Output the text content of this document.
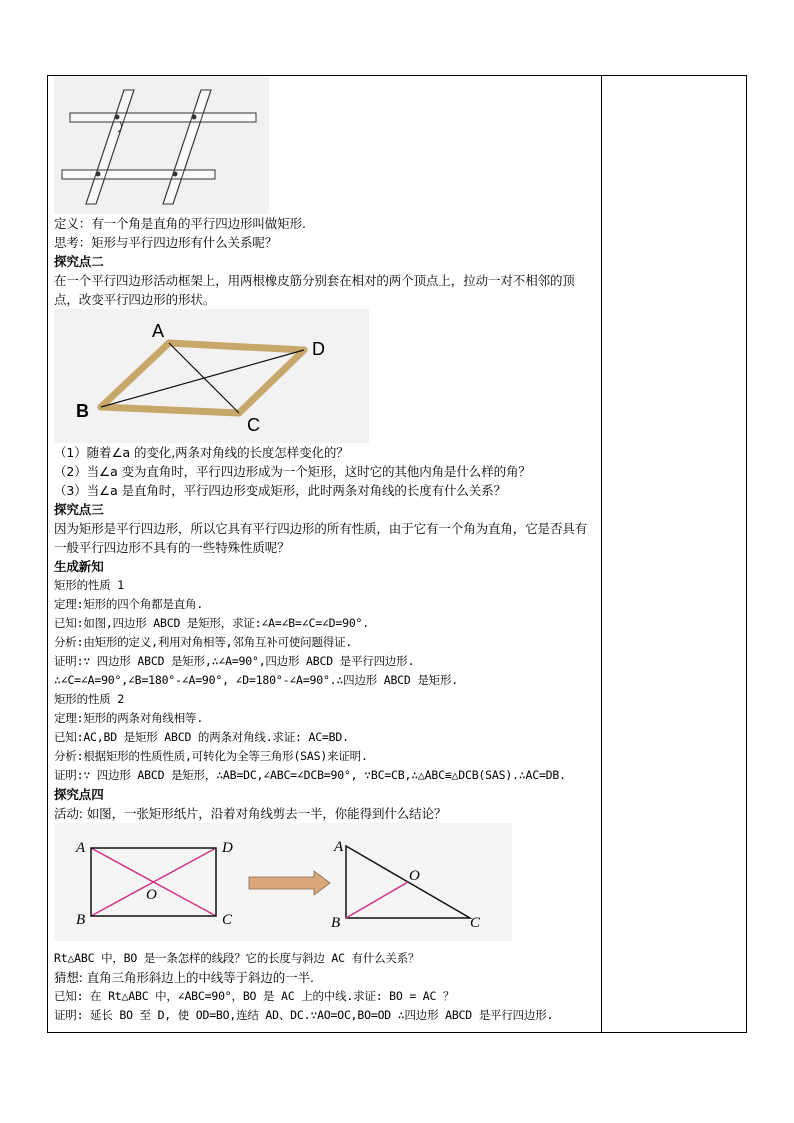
定义：有一个角是直角的平行四边形叫做矩形.
思考：矩形与平行四边形有什么关系呢？
探究点二
在一个平行四边形活动框架上，用两根橡皮筋分别套在相对的两个顶点上，拉动一对不相邻的顶点，改变平行四边形的形状。
A
D
B
C
（1）随着∠a 的变化,两条对角线的长度怎样变化的？
（2）当∠a 变为直角时，平行四边形成为一个矩形，这时它的其他内角是什么样的角？
（3）当∠a 是直角时，平行四边形变成矩形，此时两条对角线的长度有什么关系？
探究点三
因为矩形是平行四边形，所以它具有平行四边形的所有性质，由于它有一个角为直角，它是否具有一般平行四边形不具有的一些特殊性质呢？
生成新知
矩形的性质 1
定理:矩形的四个角都是直角.
已知:如图,四边形 ABCD 是矩形，求证:∠A=∠B=∠C=∠D=90°.
分析:由矩形的定义,利用对角相等,邻角互补可使问题得证.
证明:∵ 四边形 ABCD 是矩形,∴∠A=90°,四边形 ABCD 是平行四边形.
∴∠C=∠A=90°,∠B=180°-∠A=90°, ∠D=180°-∠A=90°.∴四边形 ABCD 是矩形.
矩形的性质 2
定理:矩形的两条对角线相等.
已知:AC,BD 是矩形 ABCD 的两条对角线.求证: AC=BD.
分析:根据矩形的性质性质,可转化为全等三角形(SAS)来证明.
证明:∵ 四边形 ABCD 是矩形，∴AB=DC,∠ABC=∠DCB=90°, ∵BC=CB,∴△ABC≌△DCB(SAS).∴AC=DB.
探究点四
活动: 如图，一张矩形纸片，沿着对角线剪去一半，你能得到什么结论？
A	D
B	C
O
A
B	C
O
Rt△ABC 中，BO 是一条怎样的线段？它的长度与斜边 AC 有什么关系？
猜想: 直角三角形斜边上的中线等于斜边的一半.
已知: 在 Rt△ABC 中，∠ABC=90°，BO 是 AC 上的中线.求证: BO = AC ？
证明: 延长 BO 至 D, 使 OD=BO,连结 AD、DC.∵AO=OC,BO=OD ∴四边形 ABCD 是平行四边形.
